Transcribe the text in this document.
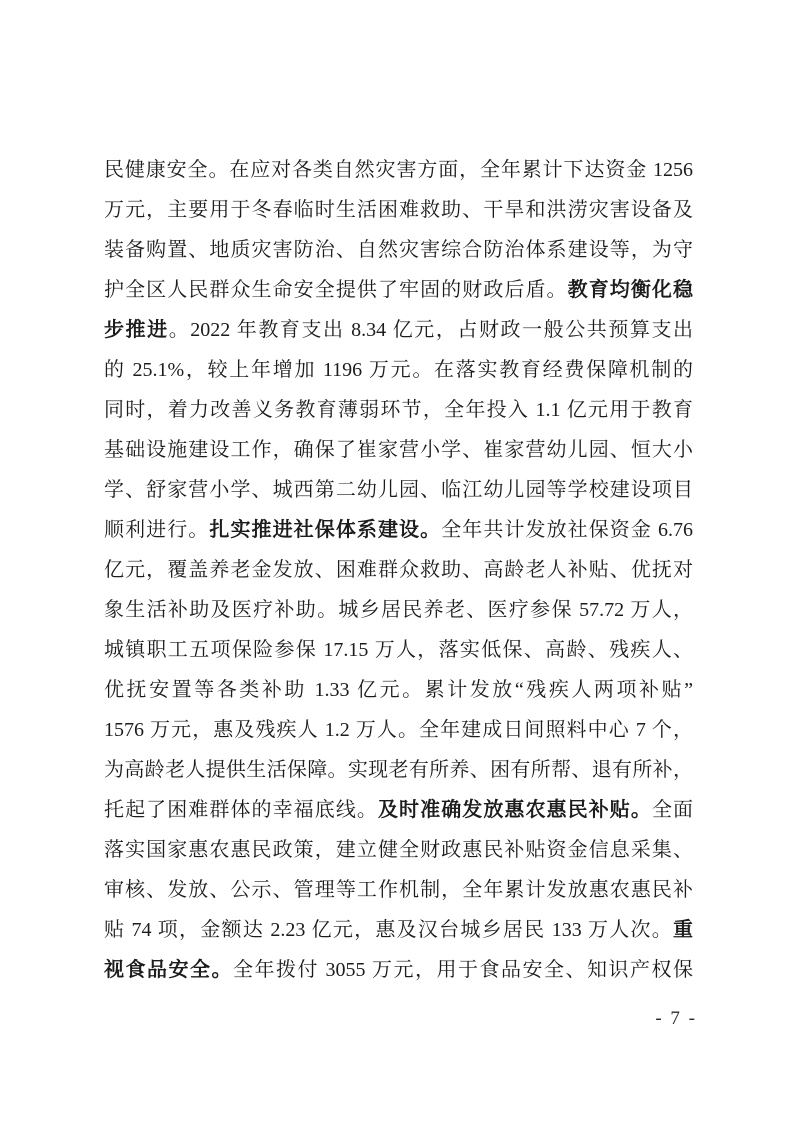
民健康安全。在应对各类自然灾害方面，全年累计下达资金 1256
万元，主要用于冬春临时生活困难救助、干旱和洪涝灾害设备及
装备购置、地质灾害防治、自然灾害综合防治体系建设等，为守
护全区人民群众生命安全提供了牢固的财政后盾。教育均衡化稳
步推进。2022 年教育支出 8.34 亿元，占财政一般公共预算支出
的 25.1%，较上年增加 1196 万元。在落实教育经费保障机制的
同时，着力改善义务教育薄弱环节，全年投入 1.1 亿元用于教育
基础设施建设工作，确保了崔家营小学、崔家营幼儿园、恒大小
学、舒家营小学、城西第二幼儿园、临江幼儿园等学校建设项目
顺利进行。扎实推进社保体系建设。全年共计发放社保资金 6.76
亿元，覆盖养老金发放、困难群众救助、高龄老人补贴、优抚对
象生活补助及医疗补助。城乡居民养老、医疗参保 57.72 万人，
城镇职工五项保险参保 17.15 万人，落实低保、高龄、残疾人、
优抚安置等各类补助 1.33 亿元。累计发放“残疾人两项补贴”
1576 万元，惠及残疾人 1.2 万人。全年建成日间照料中心 7 个，
为高龄老人提供生活保障。实现老有所养、困有所帮、退有所补，
托起了困难群体的幸福底线。及时准确发放惠农惠民补贴。全面
落实国家惠农惠民政策，建立健全财政惠民补贴资金信息采集、
审核、发放、公示、管理等工作机制，全年累计发放惠农惠民补
贴 74 项，金额达 2.23 亿元，惠及汉台城乡居民 133 万人次。重
视食品安全。全年拨付 3055 万元，用于食品安全、知识产权保
- 7 -
